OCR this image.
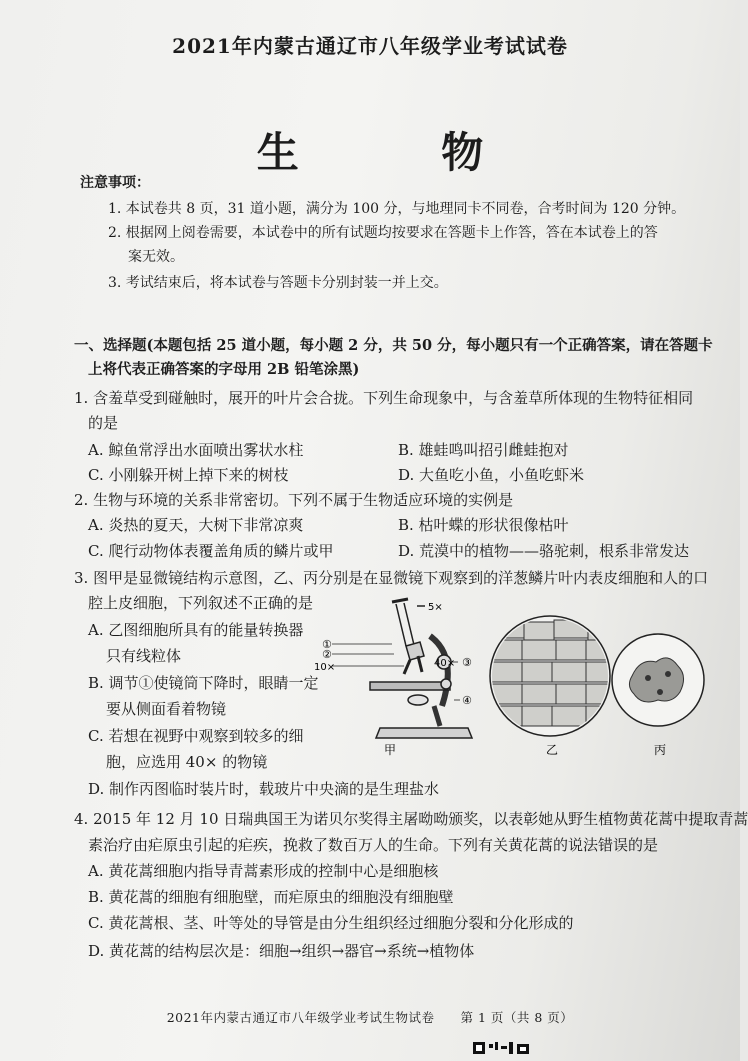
2021年内蒙古通辽市八年级学业考试试卷
生 物
注意事项：
1. 本试卷共 8 页，31 道小题，满分为 100 分，与地理同卡不同卷，合考时间为 120 分钟。
2. 根据网上阅卷需要，本试卷中的所有试题均按要求在答题卡上作答，答在本试卷上的答
案无效。
3. 考试结束后，将本试卷与答题卡分别封装一并上交。
一、选择题(本题包括 25 道小题，每小题 2 分，共 50 分，每小题只有一个正确答案，请在答题卡
上将代表正确答案的字母用 2B 铅笔涂黑)
1. 含羞草受到碰触时，展开的叶片会合拢。下列生命现象中，与含羞草所体现的生物特征相同
的是
A. 鲸鱼常浮出水面喷出雾状水柱	B. 雄蛙鸣叫招引雌蛙抱对
C. 小刚躲开树上掉下来的树枝	D. 大鱼吃小鱼，小鱼吃虾米
2. 生物与环境的关系非常密切。下列不属于生物适应环境的实例是
A. 炎热的夏天，大树下非常凉爽	B. 枯叶蝶的形状很像枯叶
C. 爬行动物体表覆盖角质的鳞片或甲	D. 荒漠中的植物——骆驼刺，根系非常发达
3. 图甲是显微镜结构示意图，乙、丙分别是在显微镜下观察到的洋葱鳞片叶内表皮细胞和人的口
腔上皮细胞，下列叙述不正确的是
A. 乙图细胞所具有的能量转换器
只有线粒体
B. 调节①使镜筒下降时，眼睛一定
要从侧面看着物镜
C. 若想在视野中观察到较多的细
胞，应选用 40× 的物镜
D. 制作丙图临时装片时，载玻片中央滴的是生理盐水
5×
①
②
10×	40× ③
④
甲	乙	丙
4. 2015 年 12 月 10 日瑞典国王为诺贝尔奖得主屠呦呦颁奖，以表彰她从野生植物黄花蒿中提取青蒿
素治疗由疟原虫引起的疟疾，挽救了数百万人的生命。下列有关黄花蒿的说法错误的是
A. 黄花蒿细胞内指导青蒿素形成的控制中心是细胞核
B. 黄花蒿的细胞有细胞壁，而疟原虫的细胞没有细胞壁
C. 黄花蒿根、茎、叶等处的导管是由分生组织经过细胞分裂和分化形成的
D. 黄花蒿的结构层次是：细胞→组织→器官→系统→植物体
2021年内蒙古通辽市八年级学业考试生物试卷　　第 1 页（共 8 页）
